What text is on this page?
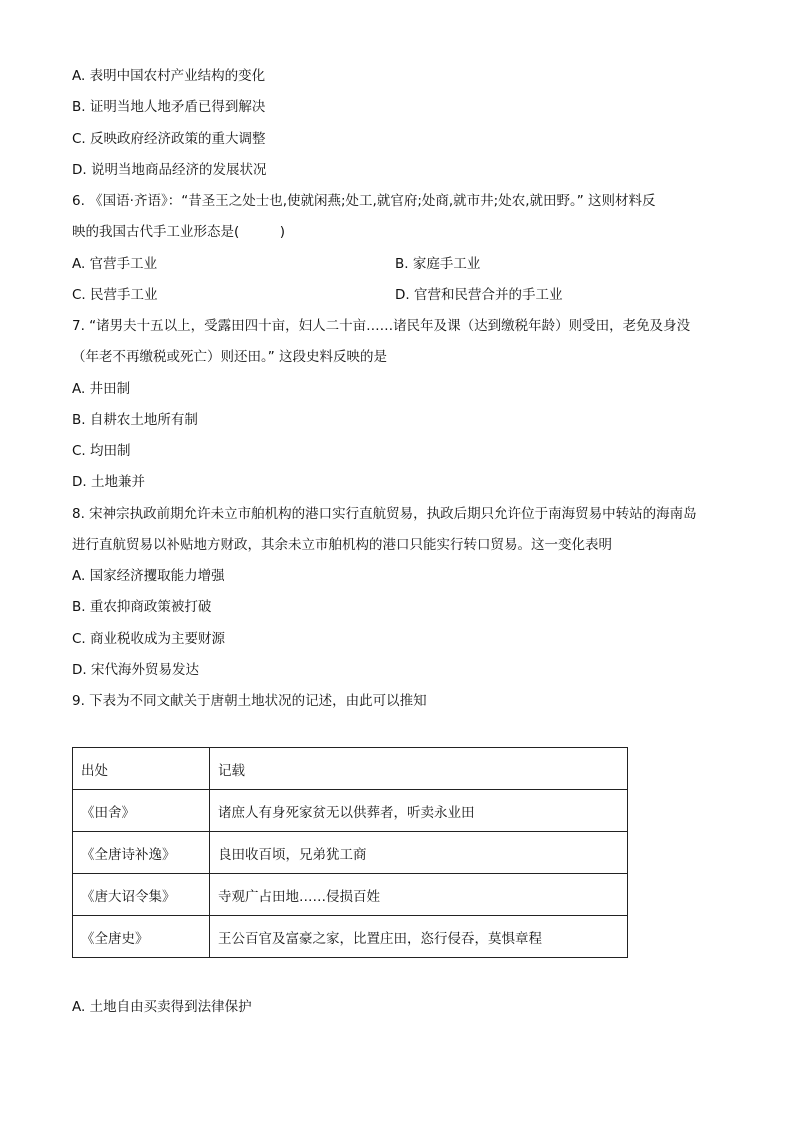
A. 表明中国农村产业结构的变化
B. 证明当地人地矛盾已得到解决
C. 反映政府经济政策的重大调整
D. 说明当地商品经济的发展状况
6. 《国语·齐语》：“昔圣王之处士也,使就闲燕;处工,就官府;处商,就市井;处农,就田野。” 这则材料反
映的我国古代手工业形态是(　　　)
A. 官营手工业	B. 家庭手工业
C. 民营手工业	D. 官营和民营合并的手工业
7. “诸男夫十五以上，受露田四十亩，妇人二十亩……诸民年及课（达到缴税年龄）则受田，老免及身没
（年老不再缴税或死亡）则还田。” 这段史料反映的是
A. 井田制
B. 自耕农土地所有制
C. 均田制
D. 土地兼并
8. 宋神宗执政前期允许未立市舶机构的港口实行直航贸易，执政后期只允许位于南海贸易中转站的海南岛
进行直航贸易以补贴地方财政，其余未立市舶机构的港口只能实行转口贸易。这一变化表明
A. 国家经济攫取能力增强
B. 重农抑商政策被打破
C. 商业税收成为主要财源
D. 宋代海外贸易发达
9. 下表为不同文献关于唐朝土地状况的记述，由此可以推知
出处	记载
《田舍》	诸庶人有身死家贫无以供葬者，听卖永业田
《全唐诗补逸》	良田收百顷，兄弟犹工商
《唐大诏令集》	寺观广占田地……侵损百姓
《全唐史》	王公百官及富豪之家，比置庄田，恣行侵吞，莫惧章程
A. 土地自由买卖得到法律保护
